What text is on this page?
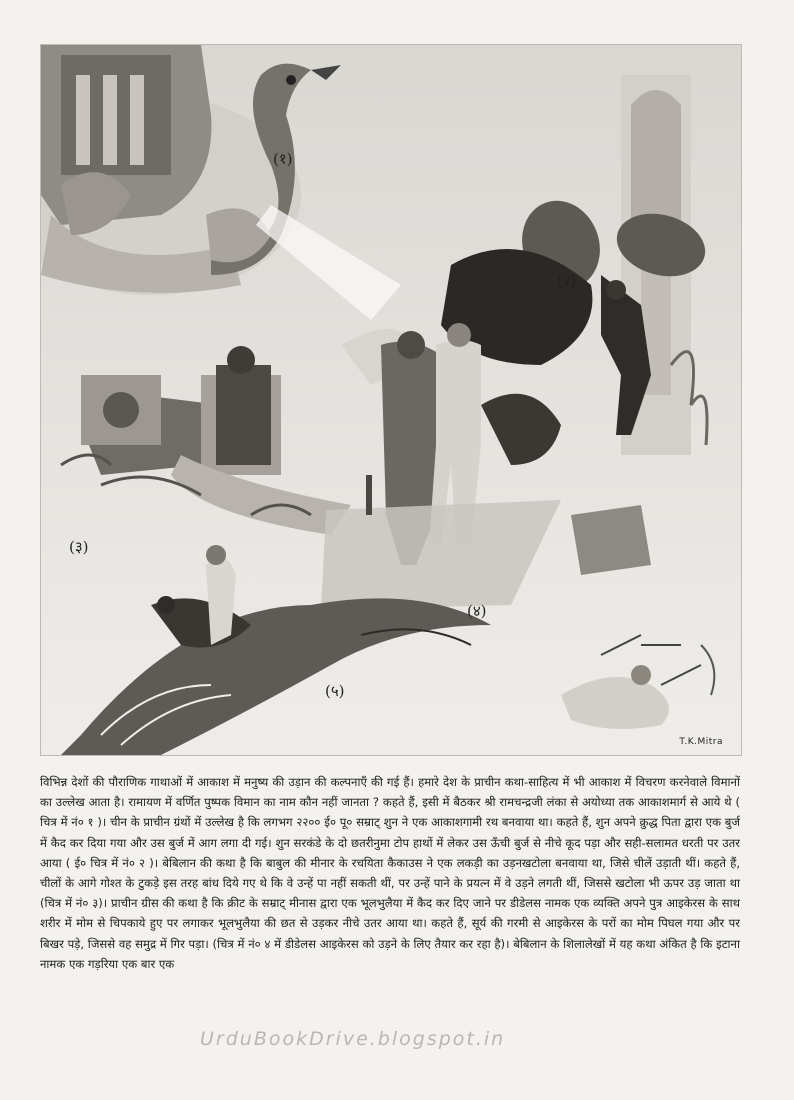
(१)
(२)
(३)
(४)
(५)
T.K.Mitra

विभिन्न देशों की पौराणिक गाथाओं में आकाश में मनुष्य की उड़ान की कल्पनाएँ की गई हैं। हमारे देश के प्राचीन कथा-साहित्य में भी आकाश में विचरण करनेवाले विमानों का उल्लेख आता है। रामायण में वर्णित पुष्पक विमान का नाम कौन नहीं जानता ? कहते हैं, इसी में बैठकर श्री रामचन्द्रजी लंका से अयोध्या तक आकाशमार्ग से आये थे ( चित्र में नं० १ )। चीन के प्राचीन ग्रंथों में उल्लेख है कि लगभग २२०० ई० पू० सम्राट् शुन ने एक आकाशगामी रथ बनवाया था। कहते हैं, शुन अपने क्रुद्ध पिता द्वारा एक बुर्ज में कैद कर दिया गया और उस बुर्ज में आग लगा दी गई। शुन सरकंडे के दो छतरीनुमा टोप हाथों में लेकर उस ऊँची बुर्ज से नीचे कूद पड़ा और सही-सलामत धरती पर उतर आया ( ई० चित्र में नं० २ )। बेबिलान की कथा है कि बाबुल की मीनार के रचयिता कैकाउस ने एक लकड़ी का उड़नखटोला बनवाया था, जिसे चीलें उड़ाती थीं। कहते हैं, चीलों के आगे गोश्त के टुकड़े इस तरह बांध दिये गए थे कि वे उन्हें पा नहीं सकती थीं, पर उन्हें पाने के प्रयत्न में वे उड़ने लगती थीं, जिससे खटोला भी ऊपर उड़ जाता था (चित्र में नं० ३)। प्राचीन ग्रीस की कथा है कि क्रीट के सम्राट् मीनास द्वारा एक भूलभुलैया में कैद कर दिए जाने पर डीडेलस नामक एक व्यक्ति अपने पुत्र आइकेरस के साथ शरीर में मोम से चिपकाये हुए पर लगाकर भूलभुलैया की छत से उड़कर नीचे उतर आया था। कहते हैं, सूर्य की गरमी से आइकेरस के परों का मोम पिघल गया और पर बिखर पड़े, जिससे वह समुद्र में गिर पड़ा। (चित्र में नं० ४ में डीडेलस आइकेरस को उड़ने के लिए तैयार कर रहा है)। बेबिलान के शिलालेखों में यह कथा अंकित है कि इटाना नामक एक गड़रिया एक बार एक

UrduBookDrive.blogspot.in
